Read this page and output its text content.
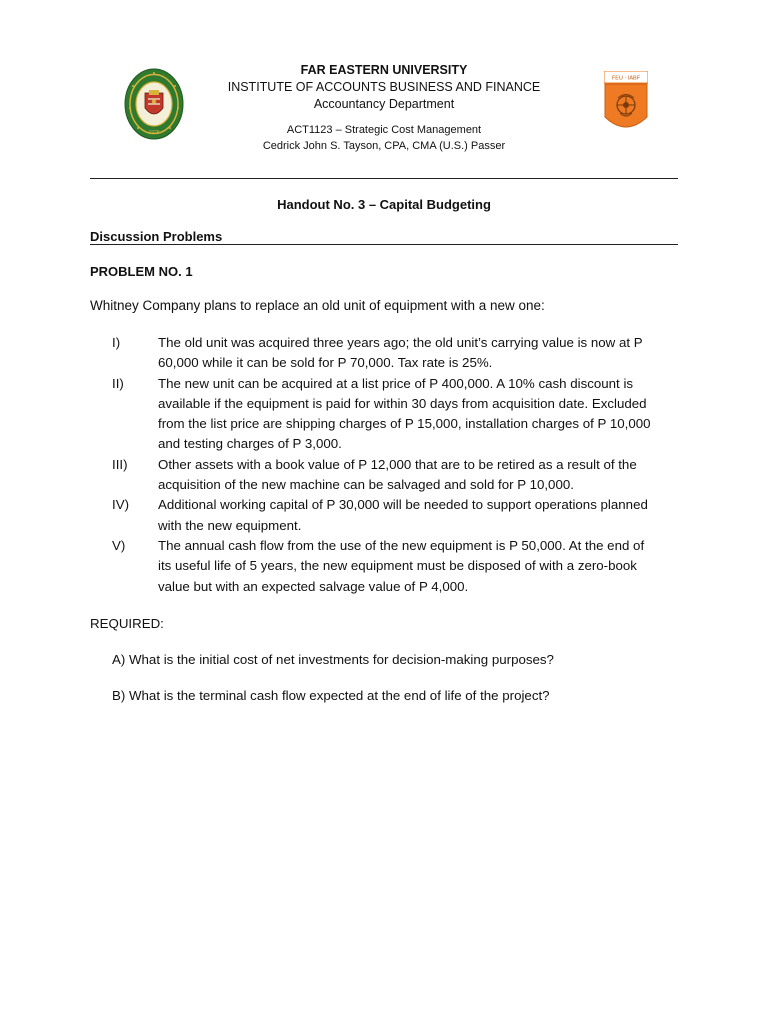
1928
FEU · IABF
FAR EASTERN UNIVERSITY
INSTITUTE OF ACCOUNTS BUSINESS AND FINANCE
Accountancy Department
ACT1123 – Strategic Cost Management
Cedrick John S. Tayson, CPA, CMA (U.S.) Passer
Handout No. 3 – Capital Budgeting
Discussion Problems
PROBLEM NO. 1
Whitney Company plans to replace an old unit of equipment with a new one:
I)	The old unit was acquired three years ago; the old unit’s carrying value is now at P
60,000 while it can be sold for P 70,000. Tax rate is 25%.
II)	The new unit can be acquired at a list price of P 400,000. A 10% cash discount is
available if the equipment is paid for within 30 days from acquisition date. Excluded
from the list price are shipping charges of P 15,000, installation charges of P 10,000
and testing charges of P 3,000.
III)	Other assets with a book value of P 12,000 that are to be retired as a result of the
acquisition of the new machine can be salvaged and sold for P 10,000.
IV)	Additional working capital of P 30,000 will be needed to support operations planned
with the new equipment.
V)	The annual cash flow from the use of the new equipment is P 50,000. At the end of
its useful life of 5 years, the new equipment must be disposed of with a zero-book
value but with an expected salvage value of P 4,000.
REQUIRED:
A) What is the initial cost of net investments for decision-making purposes?
B) What is the terminal cash flow expected at the end of life of the project?
